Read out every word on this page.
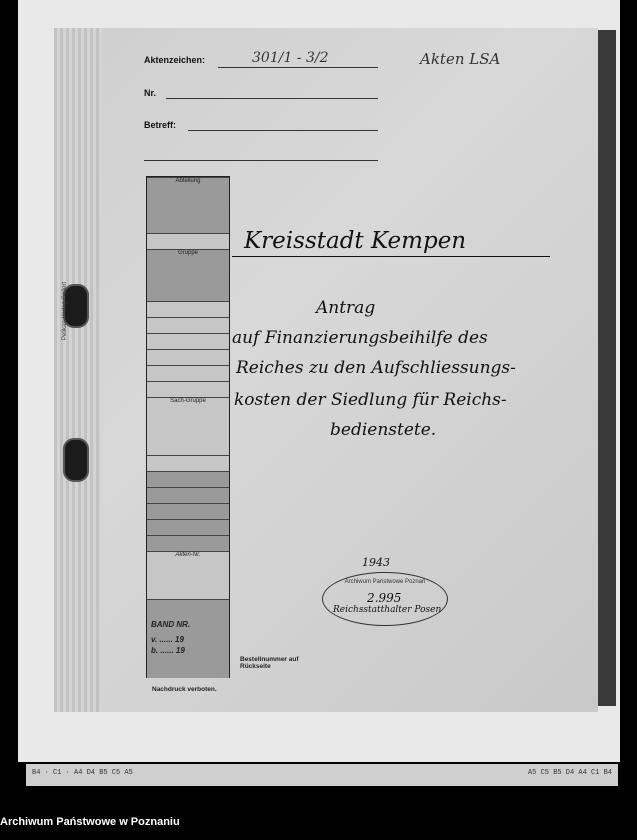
Pelikan-Verlag Gellert
Aktenzeichen:	301/1 - 3/2	Akten LSA
Nr.
Betreff:
Abteilung
Gruppe
Sach-Gruppe
Akten-Nr.
BAND NR.
v. ...... 19
b. ...... 19
Kreisstadt Kempen
Antrag
auf Finanzierungsbeihilfe des
Reiches zu den Aufschliessungs-
kosten der Siedlung für Reichs-
bedienstete.
1943
Archiwum Państwowe Poznań
2.995
Reichsstatthalter Posen
Bestellnummer auf Rückseite
Nachdruck verboten.
B4 · C1 · A4 D4 B5 C5 A5	A5 C5 B5 D4 A4 C1 B4
Archiwum Państwowe w Poznaniu
